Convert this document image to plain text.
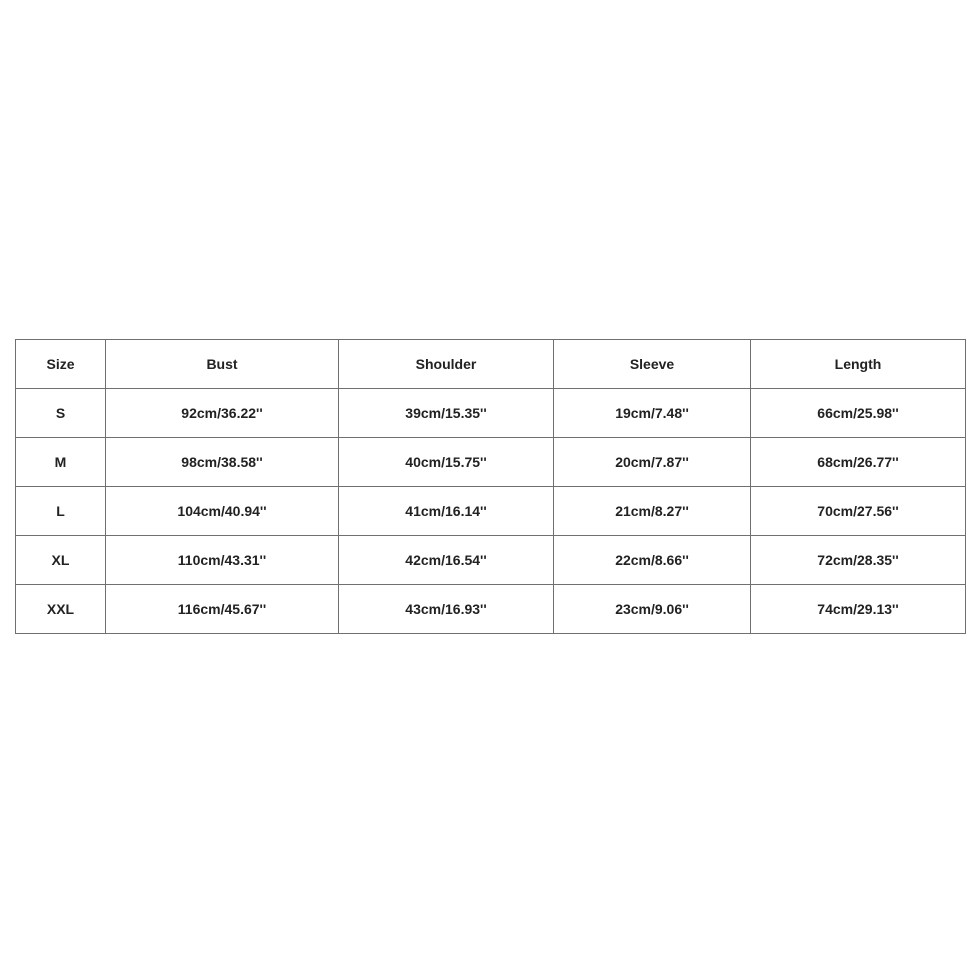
Size	Bust	Shoulder	Sleeve	Length
S	92cm/36.22''	39cm/15.35''	19cm/7.48''	66cm/25.98''
M	98cm/38.58''	40cm/15.75''	20cm/7.87''	68cm/26.77''
L	104cm/40.94''	41cm/16.14''	21cm/8.27''	70cm/27.56''
XL	110cm/43.31''	42cm/16.54''	22cm/8.66''	72cm/28.35''
XXL	116cm/45.67''	43cm/16.93''	23cm/9.06''	74cm/29.13''
